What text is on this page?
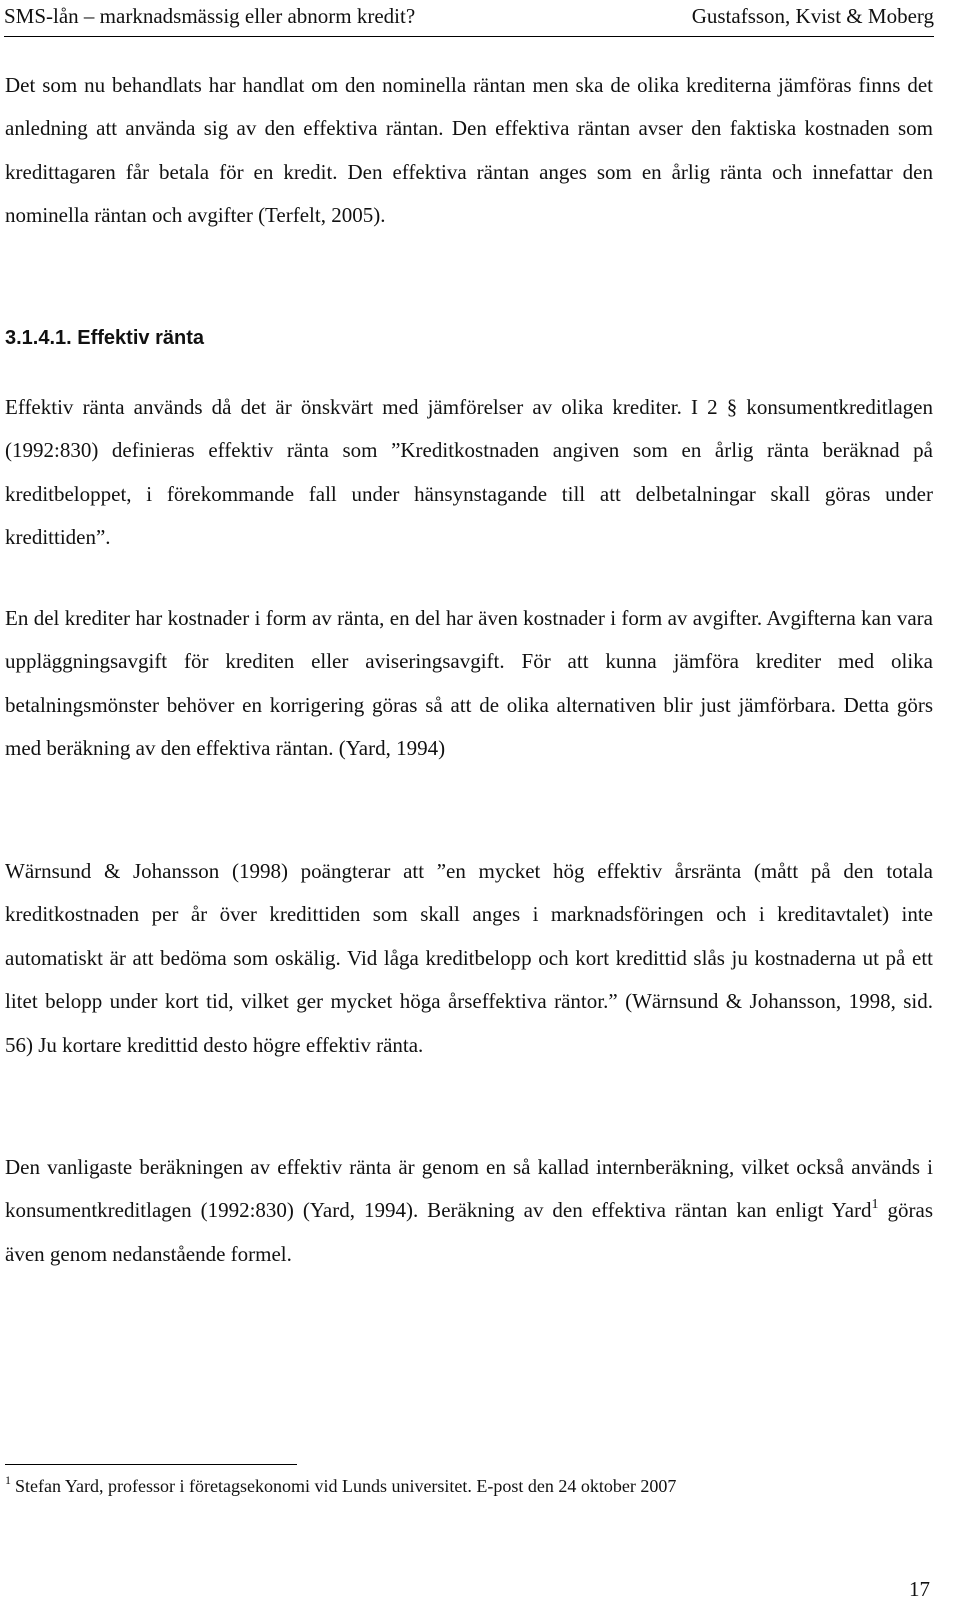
SMS-lån – marknadsmässig eller abnorm kredit?	Gustafsson, Kvist & Moberg

Det som nu behandlats har handlat om den nominella räntan men ska de olika krediterna jämföras finns det anledning att använda sig av den effektiva räntan. Den effektiva räntan avser den faktiska kostnaden som kredittagaren får betala för en kredit. Den effektiva räntan anges som en årlig ränta och innefattar den nominella räntan och avgifter (Terfelt, 2005).

3.1.4.1. Effektiv ränta

Effektiv ränta används då det är önskvärt med jämförelser av olika krediter. I 2 § konsumentkreditlagen (1992:830) definieras effektiv ränta som ”Kreditkostnaden angiven som en årlig ränta beräknad på kreditbeloppet, i förekommande fall under hänsynstagande till att delbetalningar skall göras under kredittiden”.

En del krediter har kostnader i form av ränta, en del har även kostnader i form av avgifter. Avgifterna kan vara uppläggningsavgift för krediten eller aviseringsavgift. För att kunna jämföra krediter med olika betalningsmönster behöver en korrigering göras så att de olika alternativen blir just jämförbara. Detta görs med beräkning av den effektiva räntan. (Yard, 1994)

Wärnsund & Johansson (1998) poängterar att ”en mycket hög effektiv årsränta (mått på den totala kreditkostnaden per år över kredittiden som skall anges i marknadsföringen och i kreditavtalet) inte automatiskt är att bedöma som oskälig. Vid låga kreditbelopp och kort kredittid slås ju kostnaderna ut på ett litet belopp under kort tid, vilket ger mycket höga årseffektiva räntor.” (Wärnsund & Johansson, 1998, sid. 56) Ju kortare kredittid desto högre effektiv ränta.

Den vanligaste beräkningen av effektiv ränta är genom en så kallad internberäkning, vilket också används i konsumentkreditlagen (1992:830) (Yard, 1994). Beräkning av den effektiva räntan kan enligt Yard$^1$ göras även genom nedanstående formel.

$^1$ Stefan Yard, professor i företagsekonomi vid Lunds universitet. E-post den 24 oktober 2007
17
